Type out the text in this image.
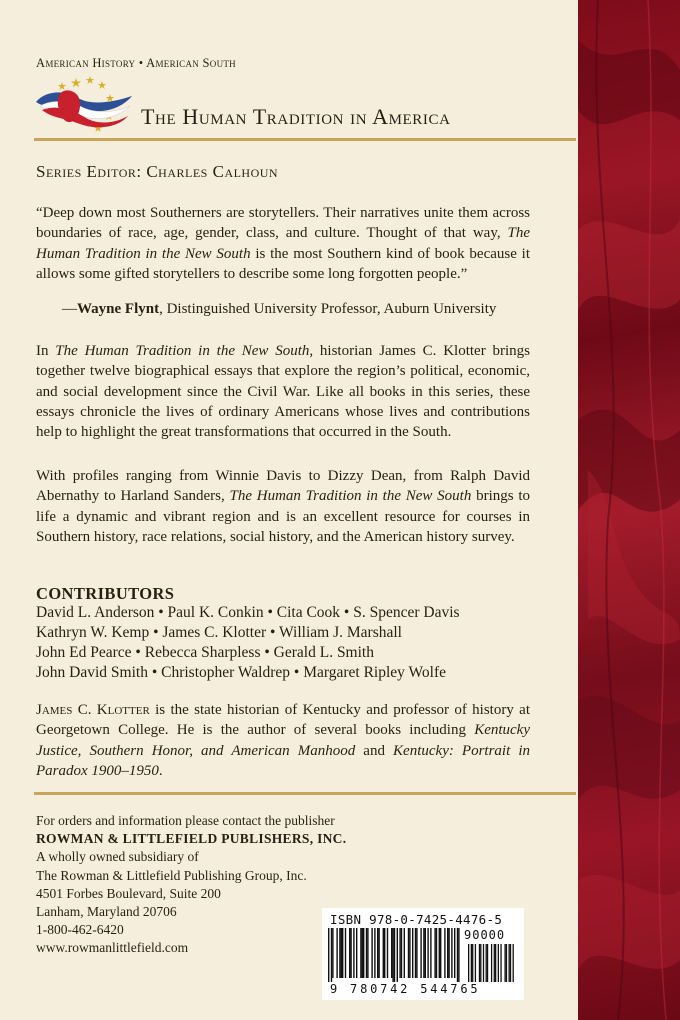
American History • American South
The Human Tradition in America
Series Editor: Charles Calhoun
“Deep down most Southerners are storytellers. Their narratives unite them across boundaries of race, age, gender, class, and culture. Thought of that way, The Human Tradition in the New South is the most Southern kind of book because it allows some gifted storytellers to describe some long forgotten people.”
—Wayne Flynt, Distinguished University Professor, Auburn University
In The Human Tradition in the New South, historian James C. Klotter brings together twelve biographical essays that explore the region’s political, economic, and social development since the Civil War. Like all books in this series, these essays chronicle the lives of ordinary Americans whose lives and contributions help to highlight the great transformations that occurred in the South.
With profiles ranging from Winnie Davis to Dizzy Dean, from Ralph David Abernathy to Harland Sanders, The Human Tradition in the New South brings to life a dynamic and vibrant region and is an excellent resource for courses in Southern history, race relations, social history, and the American history survey.
CONTRIBUTORS
David L. Anderson • Paul K. Conkin • Cita Cook • S. Spencer Davis
Kathryn W. Kemp • James C. Klotter • William J. Marshall
John Ed Pearce • Rebecca Sharpless • Gerald L. Smith
John David Smith • Christopher Waldrep • Margaret Ripley Wolfe
James C. Klotter is the state historian of Kentucky and professor of history at Georgetown College. He is the author of several books including Kentucky Justice, Southern Honor, and American Manhood and Kentucky: Portrait in Paradox 1900–1950.
For orders and information please contact the publisher
ROWMAN & LITTLEFIELD PUBLISHERS, INC.
A wholly owned subsidiary of
The Rowman & Littlefield Publishing Group, Inc.
4501 Forbes Boulevard, Suite 200
Lanham, Maryland 20706
1-800-462-6420
www.rowmanlittlefield.com
ISBN 978-0-7425-4476-5
90000
9 780742 544765
